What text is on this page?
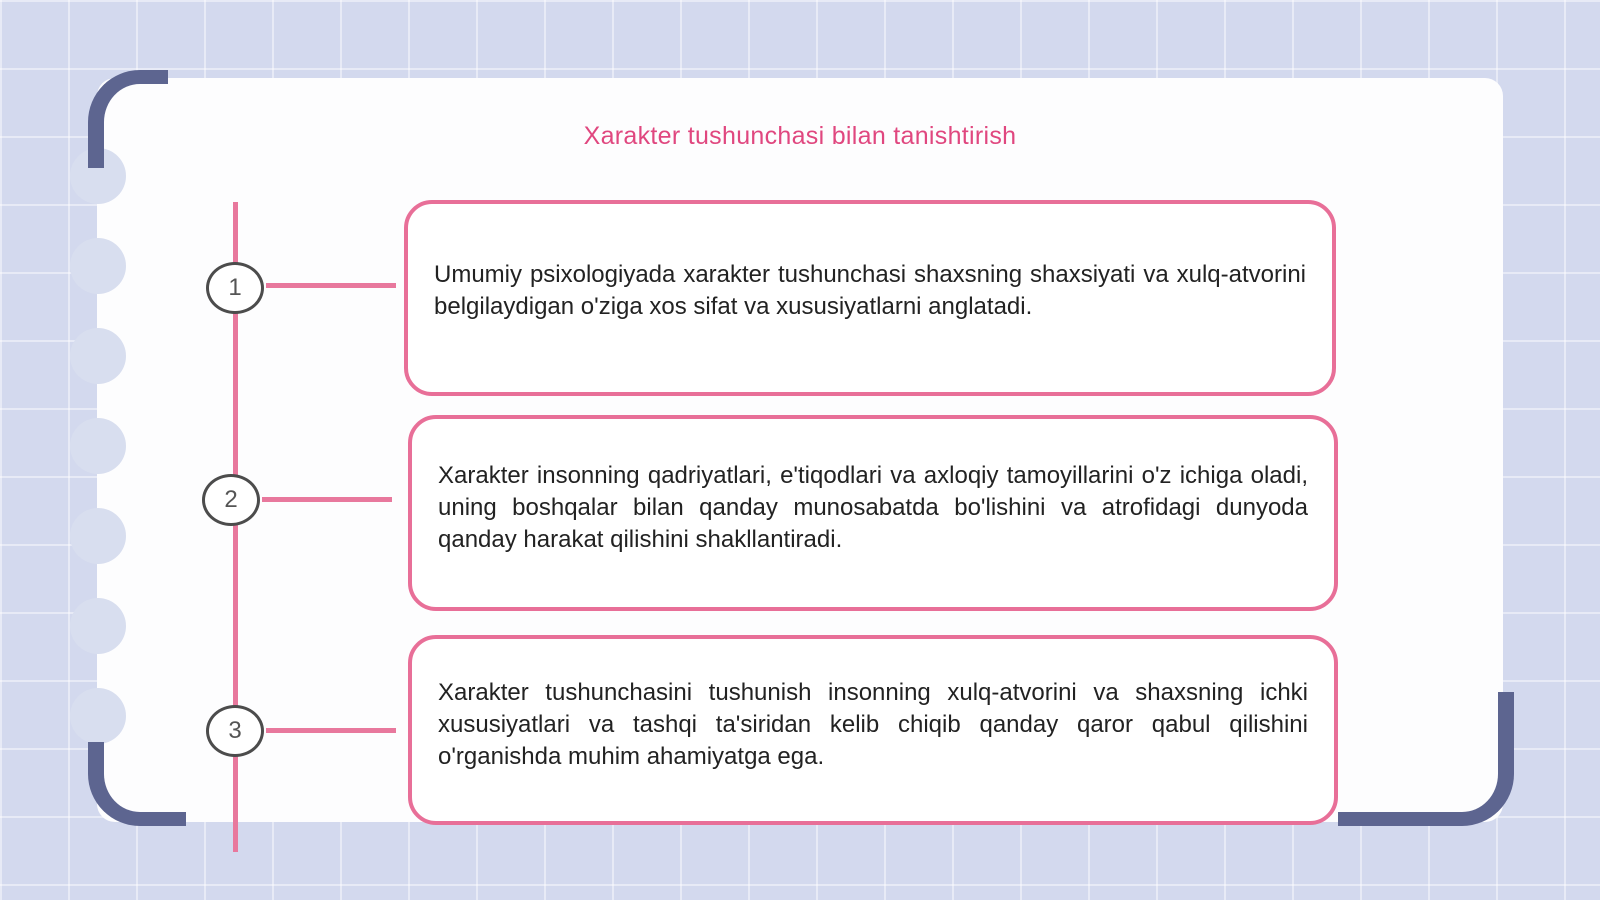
Xarakter tushunchasi bilan tanishtirish
1
2
3

Umumiy psixologiyada xarakter tushunchasi shaxsning shaxsiyati va xulq-atvorini belgilaydigan o'ziga xos sifat va xususiyatlarni anglatadi.

Xarakter insonning qadriyatlari, e'tiqodlari va axloqiy tamoyillarini o'z ichiga oladi, uning boshqalar bilan qanday munosabatda bo'lishini va atrofidagi dunyoda qanday harakat qilishini shakllantiradi.

Xarakter tushunchasini tushunish insonning xulq-atvorini va shaxsning ichki xususiyatlari va tashqi ta'siridan kelib chiqib qanday qaror qabul qilishini o'rganishda muhim ahamiyatga ega.
